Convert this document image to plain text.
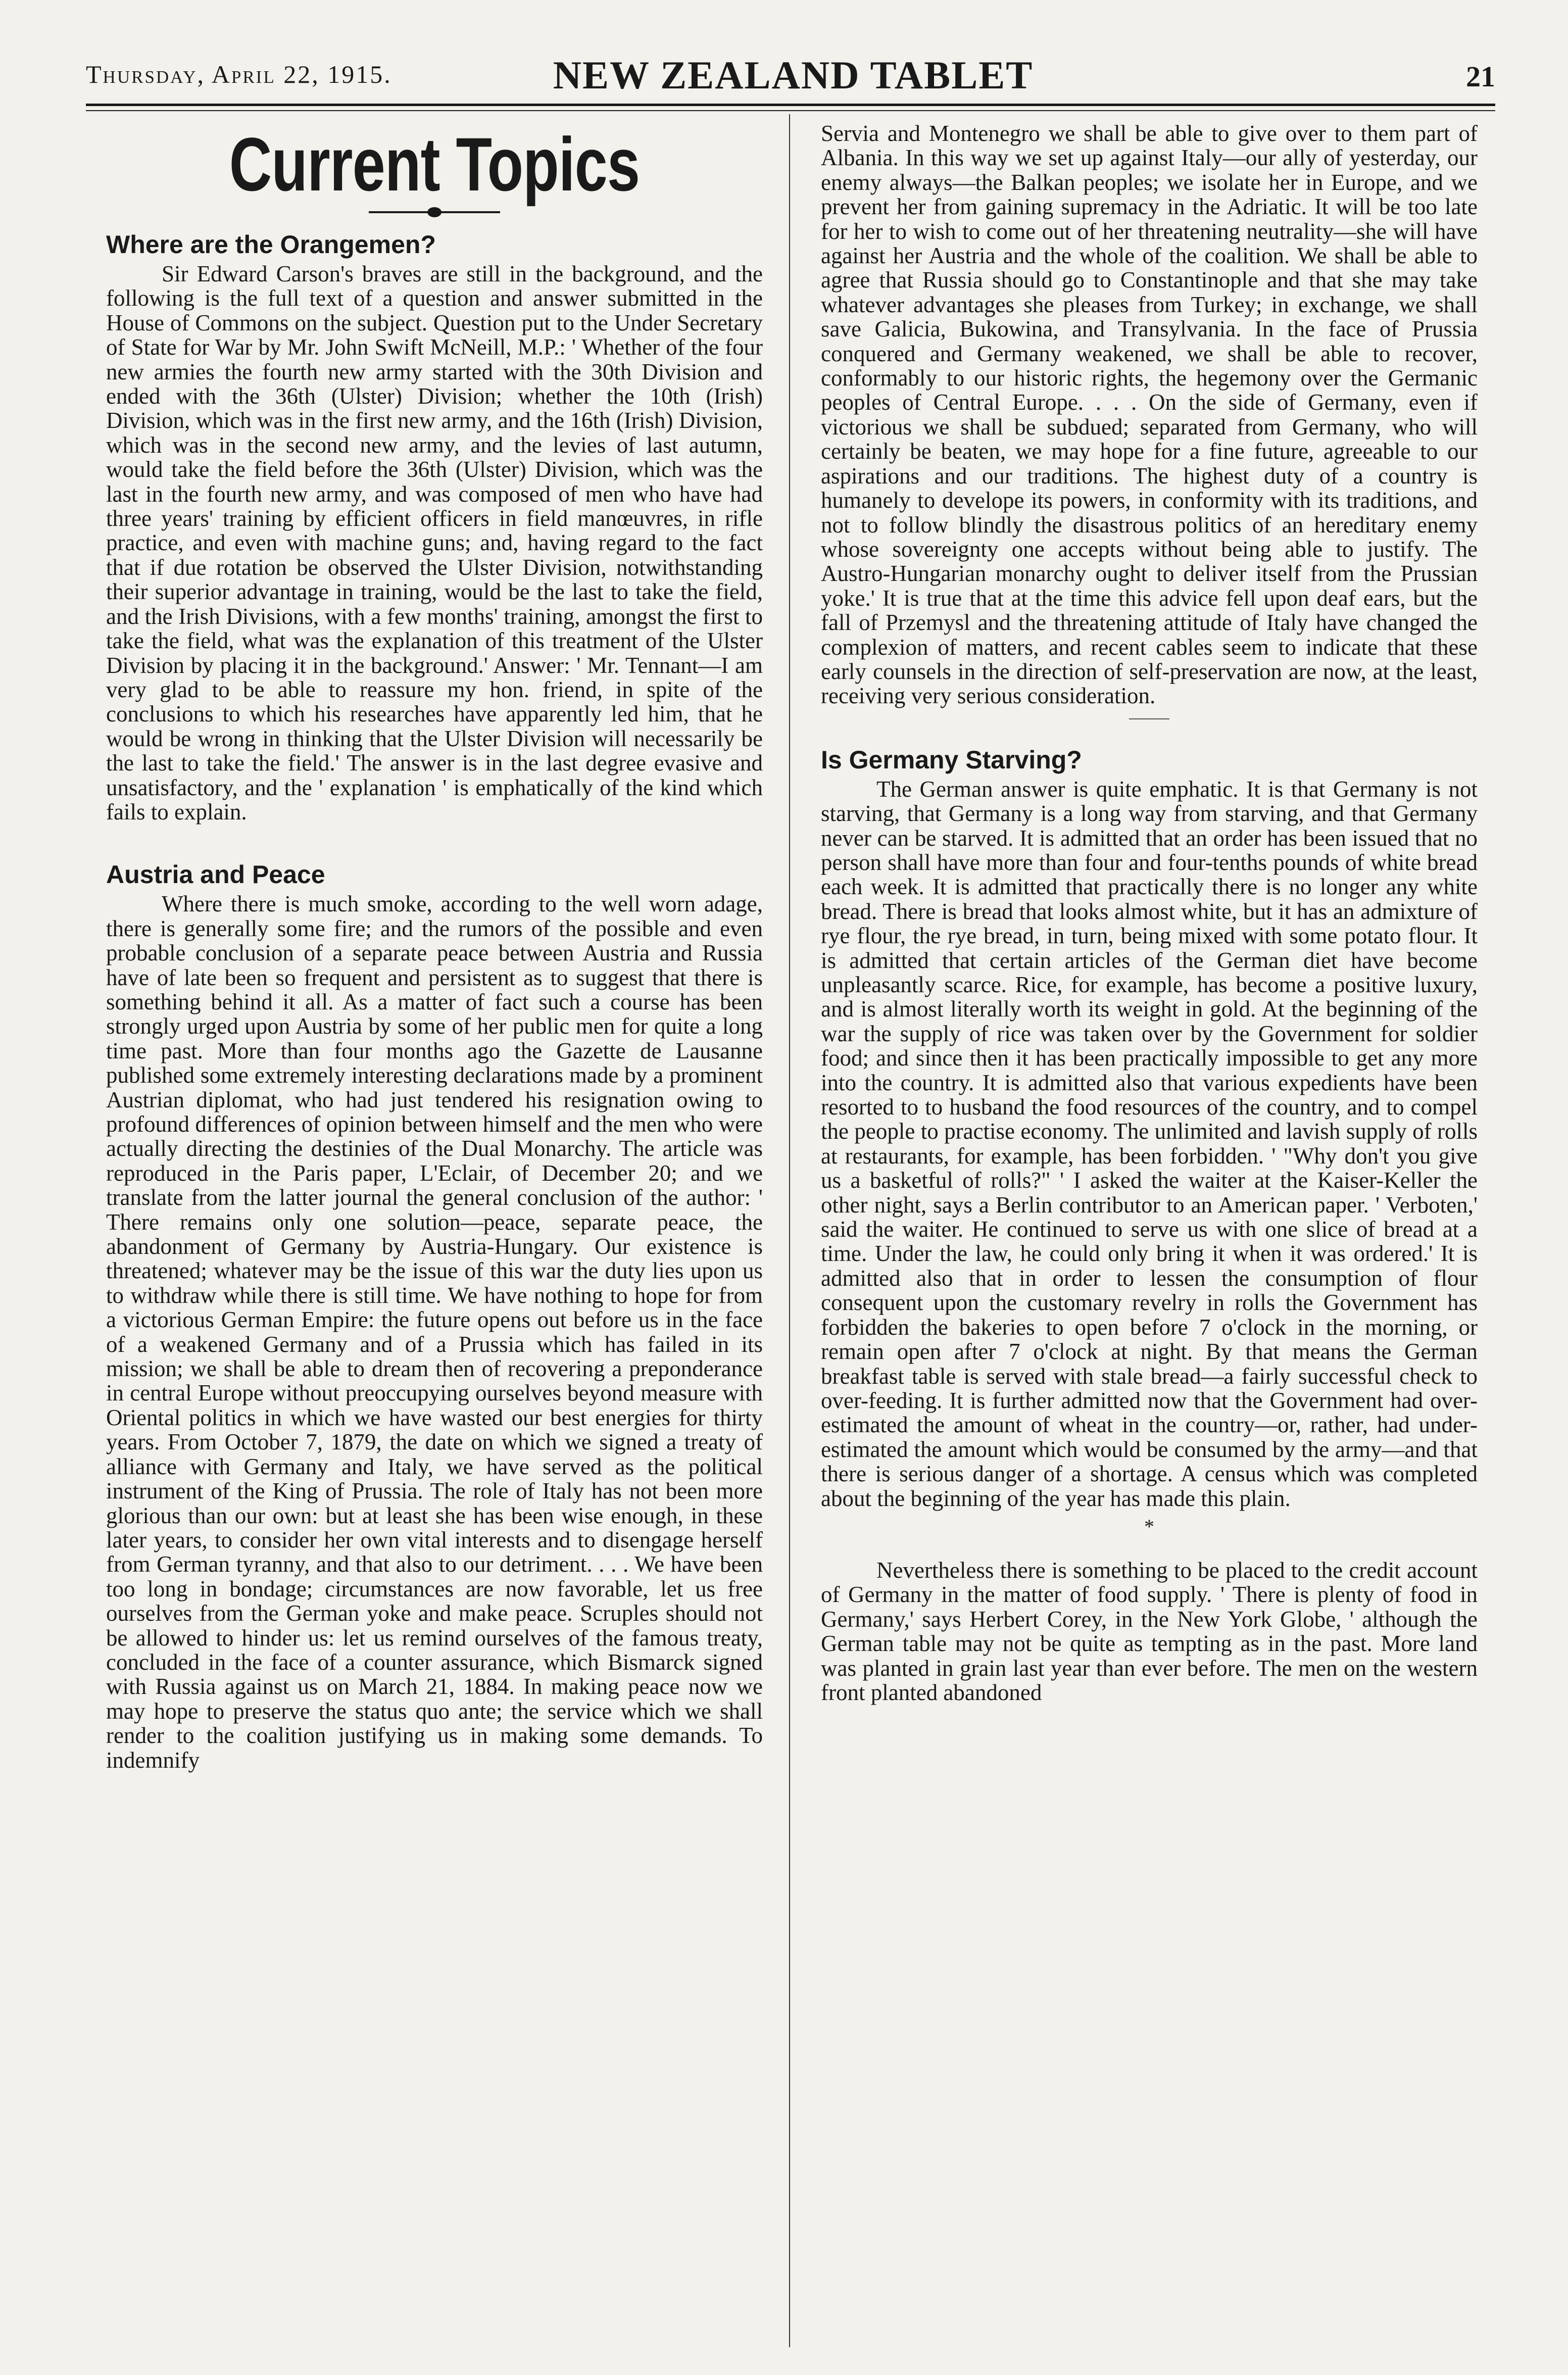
Thursday, April 22, 1915.	NEW ZEALAND TABLET	21
Current Topics
Where are the Orangemen?

Sir Edward Carson's braves are still in the background, and the following is the full text of a question and answer submitted in the House of Commons on the subject. Question put to the Under Secretary of State for War by Mr. John Swift McNeill, M.P.: ' Whether of the four new armies the fourth new army started with the 30th Division and ended with the 36th (Ulster) Division; whether the 10th (Irish) Division, which was in the first new army, and the 16th (Irish) Division, which was in the second new army, and the levies of last autumn, would take the field before the 36th (Ulster) Division, which was the last in the fourth new army, and was composed of men who have had three years' training by efficient officers in field manœuvres, in rifle practice, and even with machine guns; and, having regard to the fact that if due rotation be observed the Ulster Division, notwithstanding their superior advantage in training, would be the last to take the field, and the Irish Divisions, with a few months' training, amongst the first to take the field, what was the explanation of this treatment of the Ulster Division by placing it in the background.' Answer: ' Mr. Tennant—I am very glad to be able to reassure my hon. friend, in spite of the conclusions to which his researches have apparently led him, that he would be wrong in thinking that the Ulster Division will necessarily be the last to take the field.' The answer is in the last degree evasive and unsatisfactory, and the ' explanation ' is emphatically of the kind which fails to explain.

Austria and Peace

Where there is much smoke, according to the well worn adage, there is generally some fire; and the rumors of the possible and even probable conclusion of a separate peace between Austria and Russia have of late been so frequent and persistent as to suggest that there is something behind it all. As a matter of fact such a course has been strongly urged upon Austria by some of her public men for quite a long time past. More than four months ago the Gazette de Lausanne published some extremely interesting declarations made by a prominent Austrian diplomat, who had just tendered his resignation owing to profound differences of opinion between himself and the men who were actually directing the destinies of the Dual Monarchy. The article was reproduced in the Paris paper, L'Eclair, of December 20; and we translate from the latter journal the general conclusion of the author: ' There remains only one solution—peace, separate peace, the abandonment of Germany by Austria-Hungary. Our existence is threatened; whatever may be the issue of this war the duty lies upon us to withdraw while there is still time. We have nothing to hope for from a victorious German Empire: the future opens out before us in the face of a weakened Germany and of a Prussia which has failed in its mission; we shall be able to dream then of recovering a preponderance in central Europe without preoccupying ourselves beyond measure with Oriental politics in which we have wasted our best energies for thirty years. From October 7, 1879, the date on which we signed a treaty of alliance with Germany and Italy, we have served as the political instrument of the King of Prussia. The role of Italy has not been more glorious than our own: but at least she has been wise enough, in these later years, to consider her own vital interests and to disengage herself from German tyranny, and that also to our detriment. . . . We have been too long in bondage; circumstances are now favorable, let us free ourselves from the German yoke and make peace. Scruples should not be allowed to hinder us: let us remind ourselves of the famous treaty, concluded in the face of a counter assurance, which Bismarck signed with Russia against us on March 21, 1884. In making peace now we may hope to preserve the status quo ante; the service which we shall render to the coalition justifying us in making some demands. To indemnify

Servia and Montenegro we shall be able to give over to them part of Albania. In this way we set up against Italy—our ally of yesterday, our enemy always—the Balkan peoples; we isolate her in Europe, and we prevent her from gaining supremacy in the Adriatic. It will be too late for her to wish to come out of her threatening neutrality—she will have against her Austria and the whole of the coalition. We shall be able to agree that Russia should go to Constantinople and that she may take whatever advantages she pleases from Turkey; in exchange, we shall save Galicia, Bukowina, and Transylvania. In the face of Prussia conquered and Germany weakened, we shall be able to recover, conformably to our historic rights, the hegemony over the Germanic peoples of Central Europe. . . . On the side of Germany, even if victorious we shall be subdued; separated from Germany, who will certainly be beaten, we may hope for a fine future, agreeable to our aspirations and our traditions. The highest duty of a country is humanely to develope its powers, in conformity with its traditions, and not to follow blindly the disastrous politics of an hereditary enemy whose sovereignty one accepts without being able to justify. The Austro-Hungarian monarchy ought to deliver itself from the Prussian yoke.' It is true that at the time this advice fell upon deaf ears, but the fall of Przemysl and the threatening attitude of Italy have changed the complexion of matters, and recent cables seem to indicate that these early counsels in the direction of self-preservation are now, at the least, receiving very serious consideration.

Is Germany Starving?

The German answer is quite emphatic. It is that Germany is not starving, that Germany is a long way from starving, and that Germany never can be starved. It is admitted that an order has been issued that no person shall have more than four and four-tenths pounds of white bread each week. It is admitted that practically there is no longer any white bread. There is bread that looks almost white, but it has an admixture of rye flour, the rye bread, in turn, being mixed with some potato flour. It is admitted that certain articles of the German diet have become unpleasantly scarce. Rice, for example, has become a positive luxury, and is almost literally worth its weight in gold. At the beginning of the war the supply of rice was taken over by the Government for soldier food; and since then it has been practically impossible to get any more into the country. It is admitted also that various expedients have been resorted to to husband the food resources of the country, and to compel the people to practise economy. The unlimited and lavish supply of rolls at restaurants, for example, has been forbidden. ' "Why don't you give us a basketful of rolls?" ' I asked the waiter at the Kaiser-Keller the other night, says a Berlin contributor to an American paper. ' Verboten,' said the waiter. He continued to serve us with one slice of bread at a time. Under the law, he could only bring it when it was ordered.' It is admitted also that in order to lessen the consumption of flour consequent upon the customary revelry in rolls the Government has forbidden the bakeries to open before 7 o'clock in the morning, or remain open after 7 o'clock at night. By that means the German breakfast table is served with stale bread—a fairly successful check to over-feeding. It is further admitted now that the Government had over-estimated the amount of wheat in the country—or, rather, had under-estimated the amount which would be consumed by the army—and that there is serious danger of a shortage. A census which was completed about the beginning of the year has made this plain.

*

Nevertheless there is something to be placed to the credit account of Germany in the matter of food supply. ' There is plenty of food in Germany,' says Herbert Corey, in the New York Globe, ' although the German table may not be quite as tempting as in the past. More land was planted in grain last year than ever before. The men on the western front planted abandoned
